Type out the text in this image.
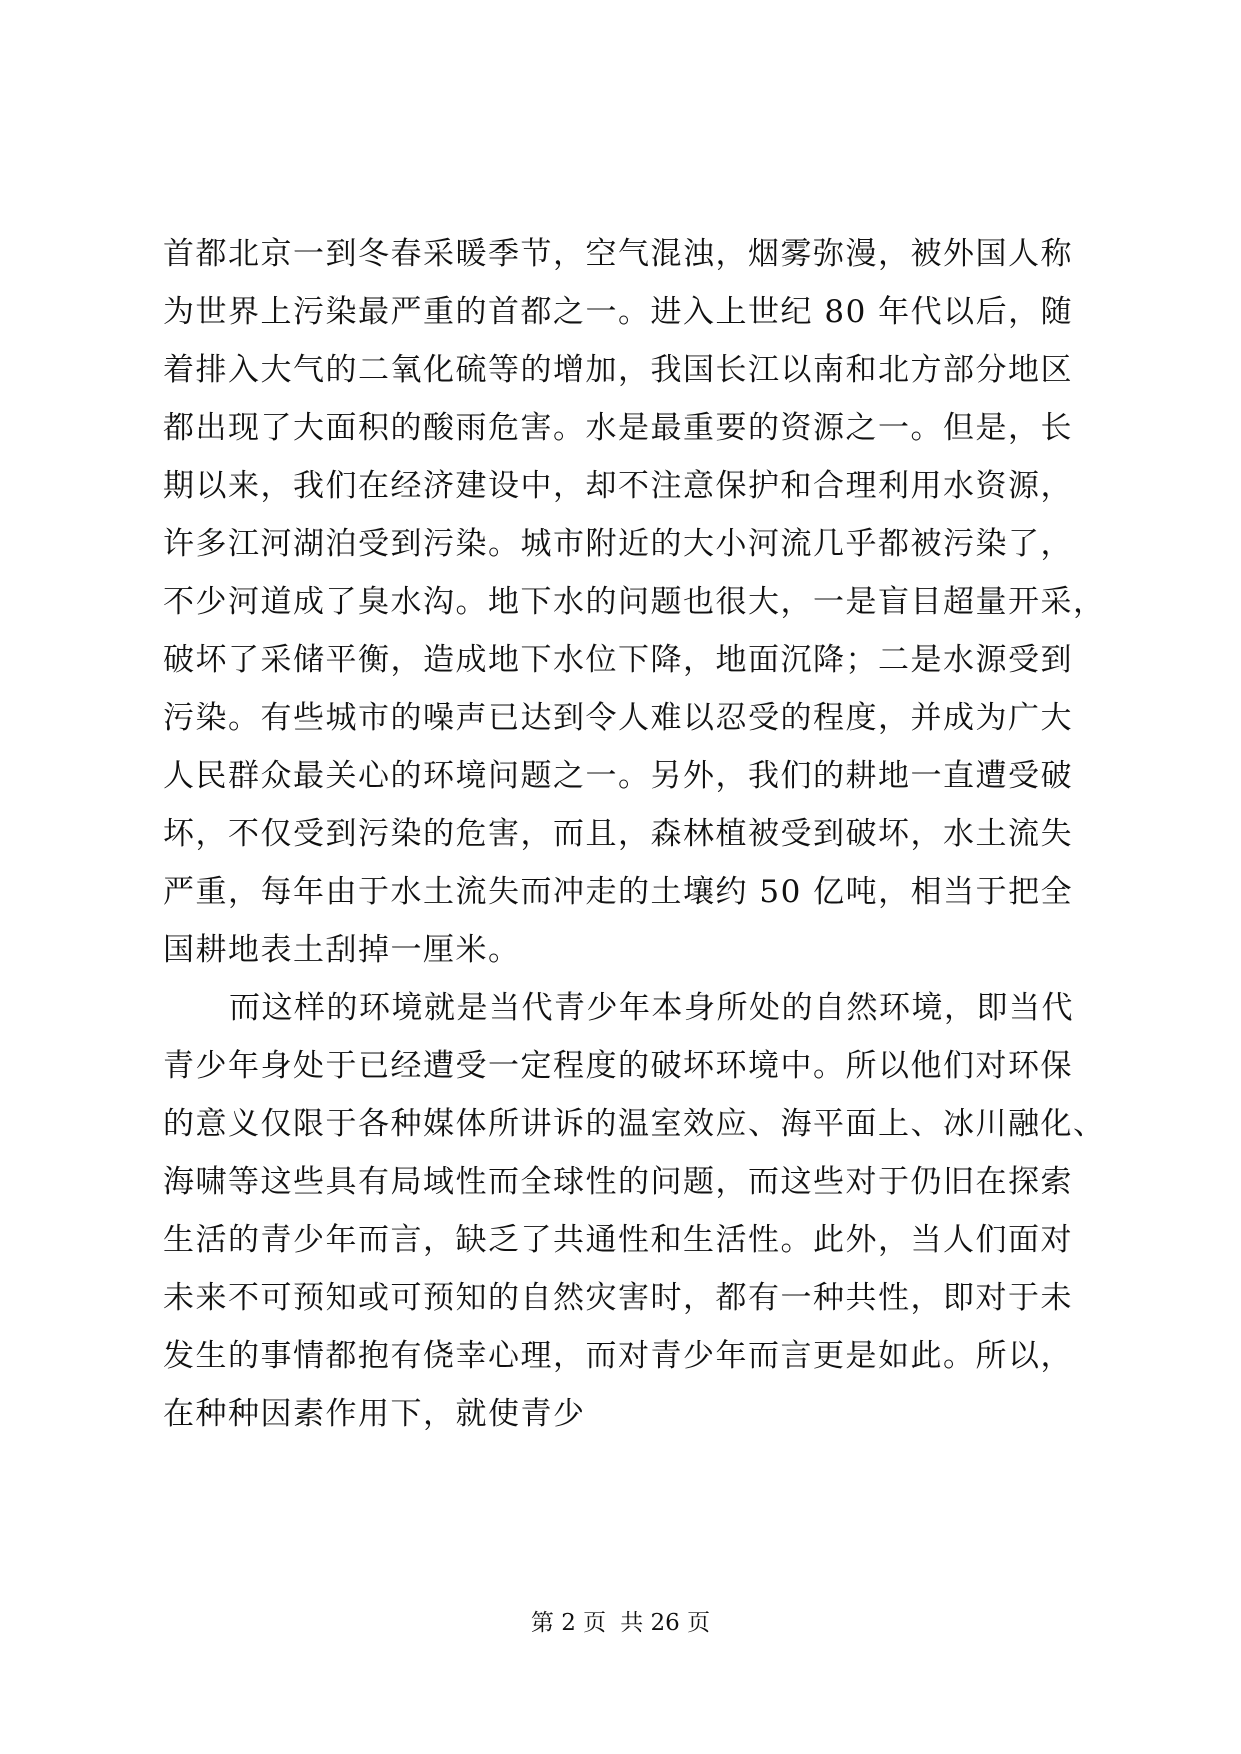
首都北京一到冬春采暖季节，空气混浊，烟雾弥漫，被外国人称
为世界上污染最严重的首都之一。进入上世纪 80 年代以后，随
着排入大气的二氧化硫等的增加，我国长江以南和北方部分地区
都出现了大面积的酸雨危害。水是最重要的资源之一。但是，长
期以来，我们在经济建设中，却不注意保护和合理利用水资源，
许多江河湖泊受到污染。城市附近的大小河流几乎都被污染了，
不少河道成了臭水沟。地下水的问题也很大，一是盲目超量开采，
破坏了采储平衡，造成地下水位下降，地面沉降；二是水源受到
污染。有些城市的噪声已达到令人难以忍受的程度，并成为广大
人民群众最关心的环境问题之一。另外，我们的耕地一直遭受破
坏，不仅受到污染的危害，而且，森林植被受到破坏，水土流失
严重，每年由于水土流失而冲走的土壤约 50 亿吨，相当于把全
国耕地表土刮掉一厘米。
而这样的环境就是当代青少年本身所处的自然环境，即当代
青少年身处于已经遭受一定程度的破坏环境中。所以他们对环保
的意义仅限于各种媒体所讲诉的温室效应、海平面上、冰川融化、
海啸等这些具有局域性而全球性的问题，而这些对于仍旧在探索
生活的青少年而言，缺乏了共通性和生活性。此外，当人们面对
未来不可预知或可预知的自然灾害时，都有一种共性，即对于未
发生的事情都抱有侥幸心理，而对青少年而言更是如此。所以，
在种种因素作用下，就使青少
第 2 页 共 26 页
